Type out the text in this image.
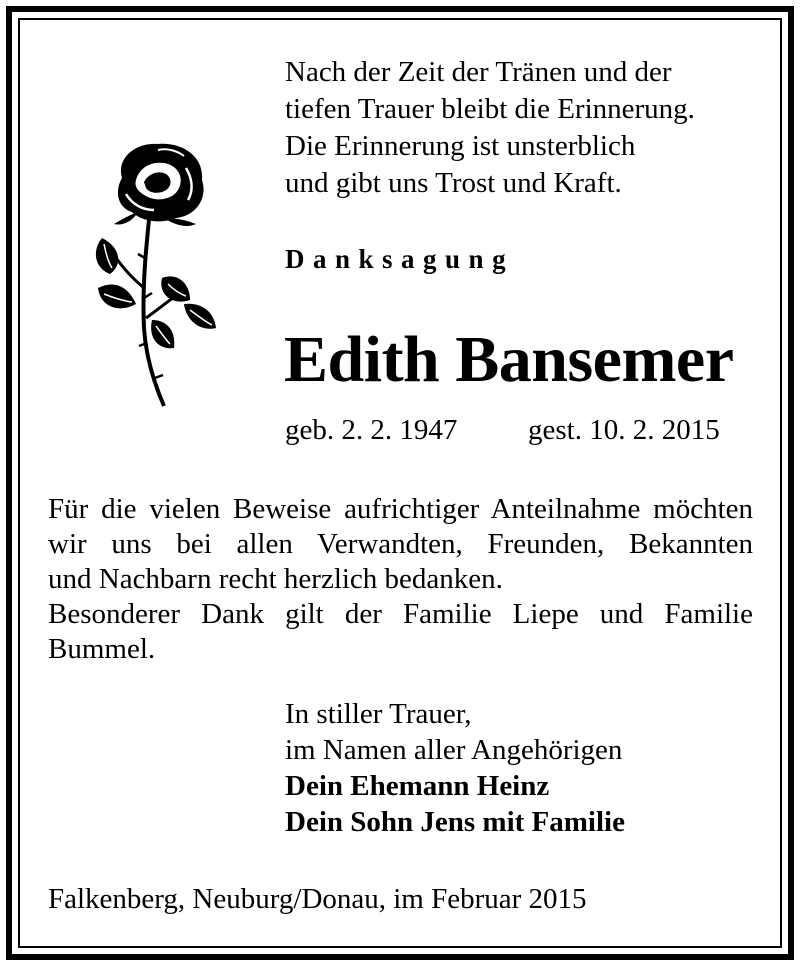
Nach der Zeit der Tränen und der
tiefen Trauer bleibt die Erinnerung.
Die Erinnerung ist unsterblich
und gibt uns Trost und Kraft.
Danksagung
Edith Bansemer
geb. 2. 2. 1947 gest. 10. 2. 2015
Für die vielen Beweise aufrichtiger Anteilnahme möchten
wir uns bei allen Verwandten, Freunden, Bekannten
und Nachbarn recht herzlich bedanken.
Besonderer Dank gilt der Familie Liepe und Familie
Bummel.
In stiller Trauer,
im Namen aller Angehörigen
Dein Ehemann Heinz
Dein Sohn Jens mit Familie
Falkenberg, Neuburg/Donau, im Februar 2015
